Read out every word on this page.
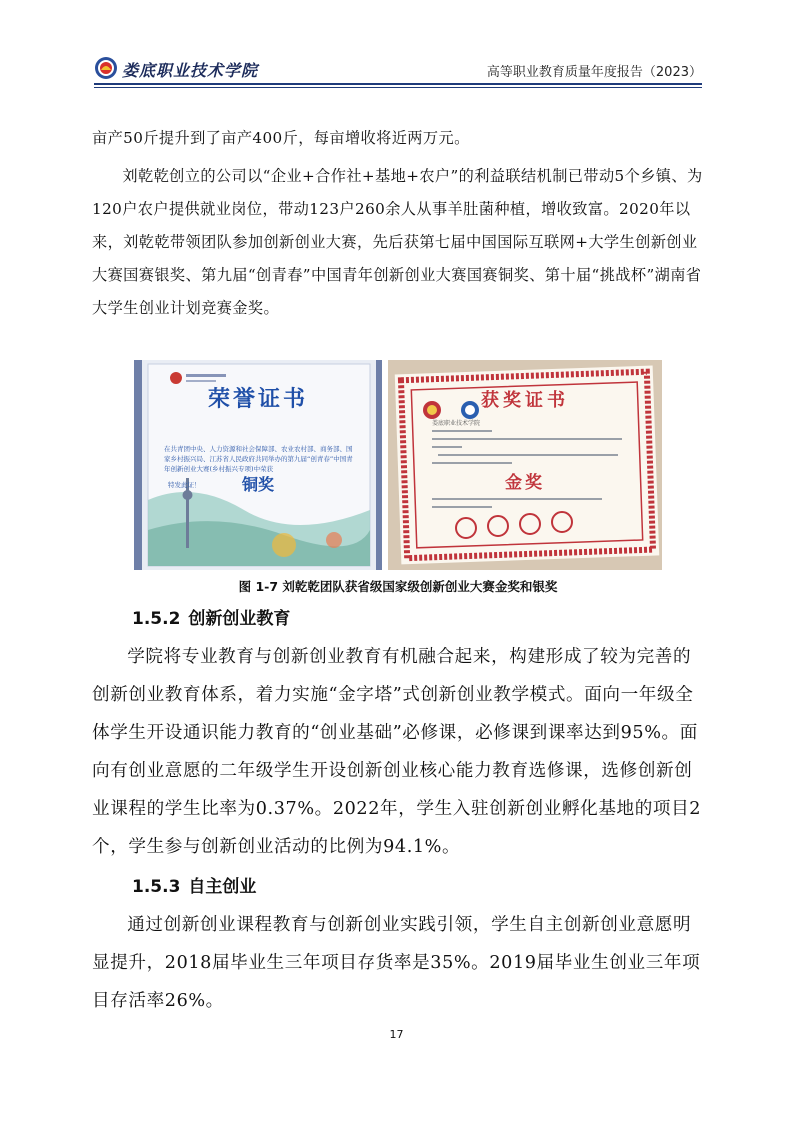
娄底职业技术学院	高等职业教育质量年度报告（2023）

亩产50斤提升到了亩产400斤，每亩增收将近两万元。

刘乾乾创立的公司以“企业+合作社+基地+农户”的利益联结机制已带动5个乡镇、为120户农户提供就业岗位，带动123户260余人从事羊肚菌种植，增收致富。2020年以来，刘乾乾带领团队参加创新创业大赛，先后获第七届中国国际互联网+大学生创新创业大赛国赛银奖、第九届“创青春”中国青年创新创业大赛国赛铜奖、第十届“挑战杯”湖南省大学生创业计划竞赛金奖。

荣誉证书
在共青团中央、人力资源和社会保障部、农业农村部、商务部、国家乡村振兴局、江苏省人民政府共同举办的第九届“创青春”中国青年创新创业大赛(乡村振兴专项)中荣获
铜奖
特发此证！
获奖证书
娄底职业技术学院
金奖
图 1-7 刘乾乾团队获省级国家级创新创业大赛金奖和银奖
1.5.2 创新创业教育

学院将专业教育与创新创业教育有机融合起来，构建形成了较为完善的创新创业教育体系，着力实施“金字塔”式创新创业教学模式。面向一年级全体学生开设通识能力教育的“创业基础”必修课，必修课到课率达到95%。面向有创业意愿的二年级学生开设创新创业核心能力教育选修课，选修创新创业课程的学生比率为0.37%。2022年，学生入驻创新创业孵化基地的项目2个，学生参与创新创业活动的比例为94.1%。

1.5.3 自主创业

通过创新创业课程教育与创新创业实践引领，学生自主创新创业意愿明显提升，2018届毕业生三年项目存货率是35%。2019届毕业生创业三年项目存活率26%。

17
